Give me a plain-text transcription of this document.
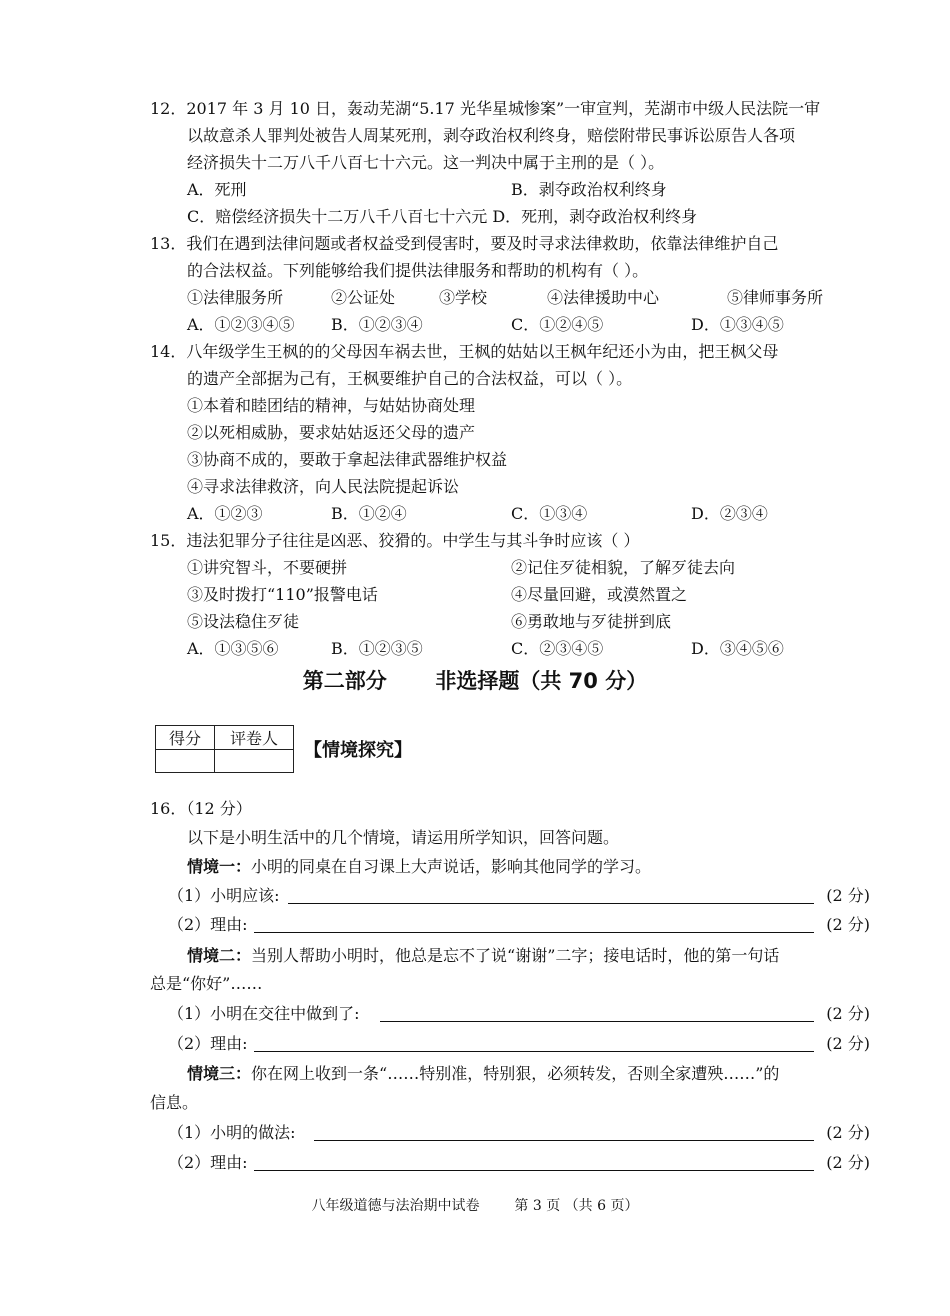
12．2017 年 3 月 10 日，轰动芜湖“5.17 光华星城惨案”一审宣判，芜湖市中级人民法院一审
以故意杀人罪判处被告人周某死刑，剥夺政治权利终身，赔偿附带民事诉讼原告人各项
经济损失十二万八千八百七十六元。这一判决中属于主刑的是（ ）。
A．死刑	B．剥夺政治权利终身
C．赔偿经济损失十二万八千八百七十六元 D．死刑，剥夺政治权利终身
13．我们在遇到法律问题或者权益受到侵害时，要及时寻求法律救助，依靠法律维护自己
的合法权益。下列能够给我们提供法律服务和帮助的机构有（ ）。
①法律服务所	②公证处	③学校	④法律援助中心	⑤律师事务所
A．①②③④⑤ B．①②③④	C．①②④⑤	D．①③④⑤
14．八年级学生王枫的的父母因车祸去世，王枫的姑姑以王枫年纪还小为由，把王枫父母
的遗产全部据为己有，王枫要维护自己的合法权益，可以（ ）。
①本着和睦团结的精神，与姑姑协商处理
②以死相威胁，要求姑姑返还父母的遗产
③协商不成的，要敢于拿起法律武器维护权益
④寻求法律救济，向人民法院提起诉讼
A．①②③	B．①②④	C．①③④	D．②③④
15．违法犯罪分子往往是凶恶、狡猾的。中学生与其斗争时应该（ ）
①讲究智斗，不要硬拼	②记住歹徒相貌，了解歹徒去向
③及时拨打“110”报警电话	④尽量回避，或漠然置之
⑤设法稳住歹徒	⑥勇敢地与歹徒拼到底
A．①③⑤⑥	B．①②③⑤	C．②③④⑤	D．③④⑤⑥
第二部分 非选择题（共 70 分）
得分	评卷人

【情境探究】
16．（12 分）
以下是小明生活中的几个情境，请运用所学知识，回答问题。
情境一：小明的同桌在自习课上大声说话，影响其他同学的学习。
（1）小明应该:	(2 分)
（2）理由:	(2 分)
情境二：当别人帮助小明时，他总是忘不了说“谢谢”二字；接电话时，他的第一句话
总是“你好”……
（1）小明在交往中做到了:	(2 分)
（2）理由:	(2 分)
情境三：你在网上收到一条“……特别准，特别狠，必须转发，否则全家遭殃……”的
信息。
（1）小明的做法:	(2 分)
（2）理由:	(2 分)
八年级道德与法治期中试卷 第 3 页 （共 6 页）
